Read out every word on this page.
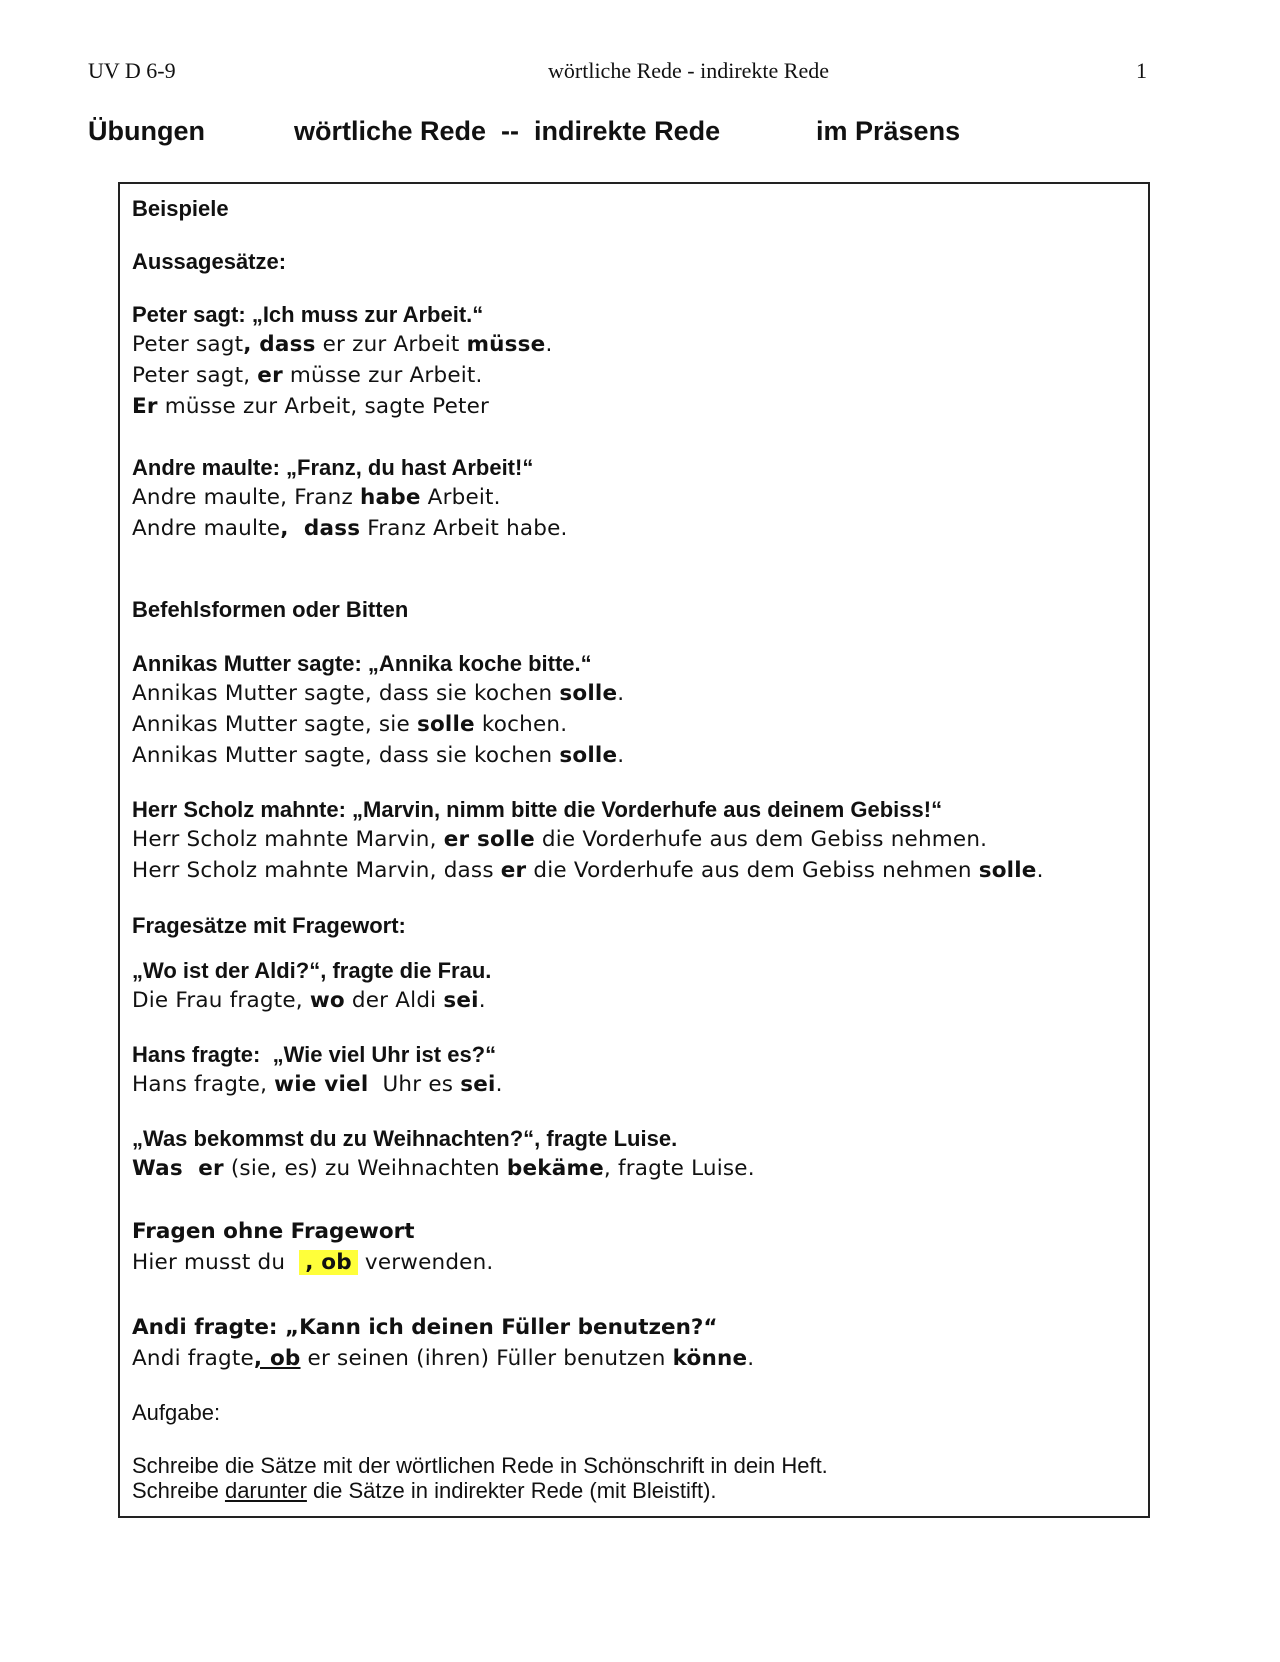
UV D 6-9	wörtliche Rede - indirekte Rede	1
Übungen	wörtliche Rede  --  indirekte Rede	im Präsens
Beispiele
Aussagesätze:
Peter sagt: „Ich muss zur Arbeit.“
Peter sagt, dass er zur Arbeit müsse.
Peter sagt, er müsse zur Arbeit.
Er müsse zur Arbeit, sagte Peter
Andre maulte: „Franz, du hast Arbeit!“
Andre maulte, Franz habe Arbeit.
Andre maulte,  dass Franz Arbeit habe.
Befehlsformen oder Bitten
Annikas Mutter sagte: „Annika koche bitte.“
Annikas Mutter sagte, dass sie kochen solle.
Annikas Mutter sagte, sie solle kochen.
Annikas Mutter sagte, dass sie kochen solle.
Herr Scholz mahnte: „Marvin, nimm bitte die Vorderhufe aus deinem Gebiss!“
Herr Scholz mahnte Marvin, er solle die Vorderhufe aus dem Gebiss nehmen.
Herr Scholz mahnte Marvin, dass er die Vorderhufe aus dem Gebiss nehmen solle.
Fragesätze mit Fragewort:
„Wo ist der Aldi?“, fragte die Frau.
Die Frau fragte, wo der Aldi sei.
Hans fragte:  „Wie viel Uhr ist es?“
Hans fragte, wie viel  Uhr es sei.
„Was bekommst du zu Weihnachten?“, fragte Luise.
Was  er (sie, es) zu Weihnachten bekäme, fragte Luise.
Fragen ohne Fragewort
Hier musst du  , ob verwenden.
Andi fragte: „Kann ich deinen Füller benutzen?“
Andi fragte, ob er seinen (ihren) Füller benutzen könne.
Aufgabe:
Schreibe die Sätze mit der wörtlichen Rede in Schönschrift in dein Heft.
Schreibe darunter die Sätze in indirekter Rede (mit Bleistift).
